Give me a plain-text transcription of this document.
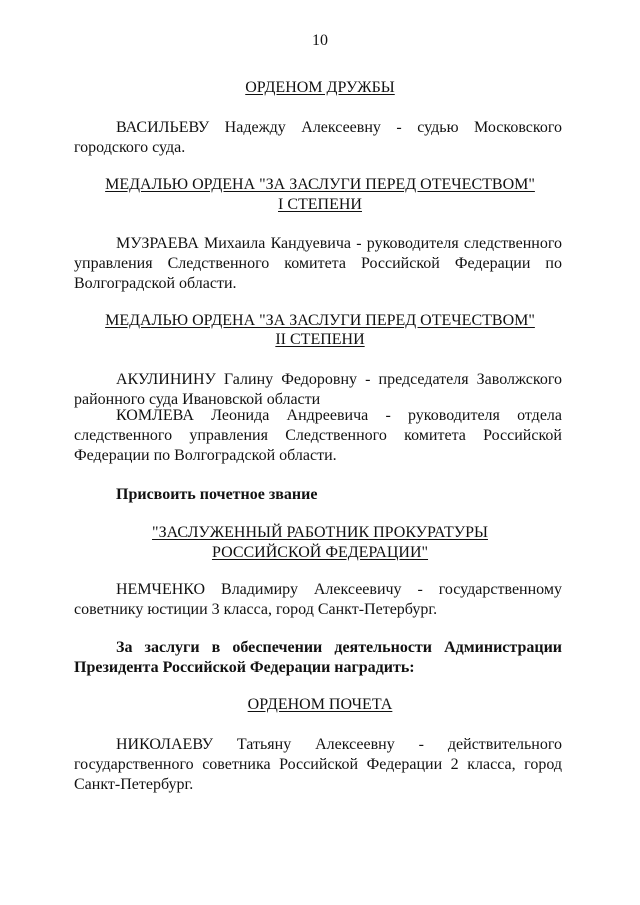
10
ОРДЕНОМ ДРУЖБЫ
ВАСИЛЬЕВУ Надежду Алексеевну - судью Московского городского суда.
МЕДАЛЬЮ ОРДЕНА "ЗА ЗАСЛУГИ ПЕРЕД ОТЕЧЕСТВОМ"
I СТЕПЕНИ
МУЗРАЕВА Михаила Кандуевича - руководителя следственного управления Следственного комитета Российской Федерации по Волгоградской области.
МЕДАЛЬЮ ОРДЕНА "ЗА ЗАСЛУГИ ПЕРЕД ОТЕЧЕСТВОМ"
II СТЕПЕНИ
АКУЛИНИНУ Галину Федоровну - председателя Заволжского районного суда Ивановской области
КОМЛЕВА Леонида Андреевича - руководителя отдела следственного управления Следственного комитета Российской Федерации по Волгоградской области.
Присвоить почетное звание
"ЗАСЛУЖЕННЫЙ РАБОТНИК ПРОКУРАТУРЫ
РОССИЙСКОЙ ФЕДЕРАЦИИ"
НЕМЧЕНКО Владимиру Алексеевичу - государственному советнику юстиции 3 класса, город Санкт-Петербург.
За заслуги в обеспечении деятельности Администрации Президента Российской Федерации наградить:
ОРДЕНОМ ПОЧЕТА
НИКОЛАЕВУ Татьяну Алексеевну - действительного государственного советника Российской Федерации 2 класса, город Санкт-Петербург.
